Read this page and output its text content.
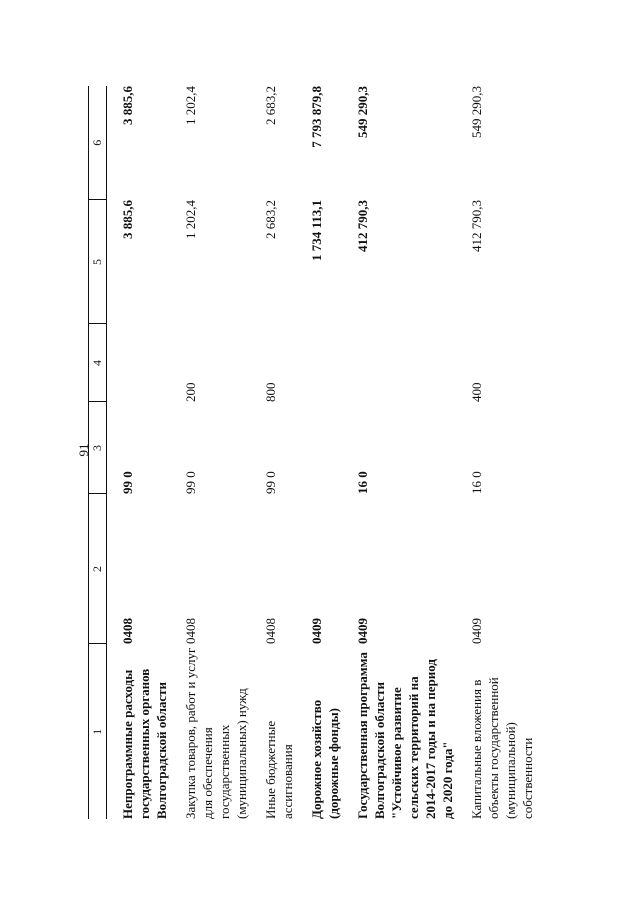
91
1	2	3	4	5	6
Непрограммные расходы государственных органов Волгоградской области	0408	99 0		3 885,6	3 885,6
Закупка товаров, работ и услуг для обеспечения государственных (муниципальных) нужд	0408	99 0	200	1 202,4	1 202,4
Иные бюджетные ассигнования	0408	99 0	800	2 683,2	2 683,2
Дорожное хозяйство (дорожные фонды)	0409			1 734 113,1	7 793 879,8
Государственная программа Волгоградской области "Устойчивое развитие сельских территорий на 2014-2017 годы и на период до 2020 года"	0409	16 0		412 790,3	549 290,3
Капитальные вложения в объекты государственной (муниципальной) собственности	0409	16 0	400	412 790,3	549 290,3
